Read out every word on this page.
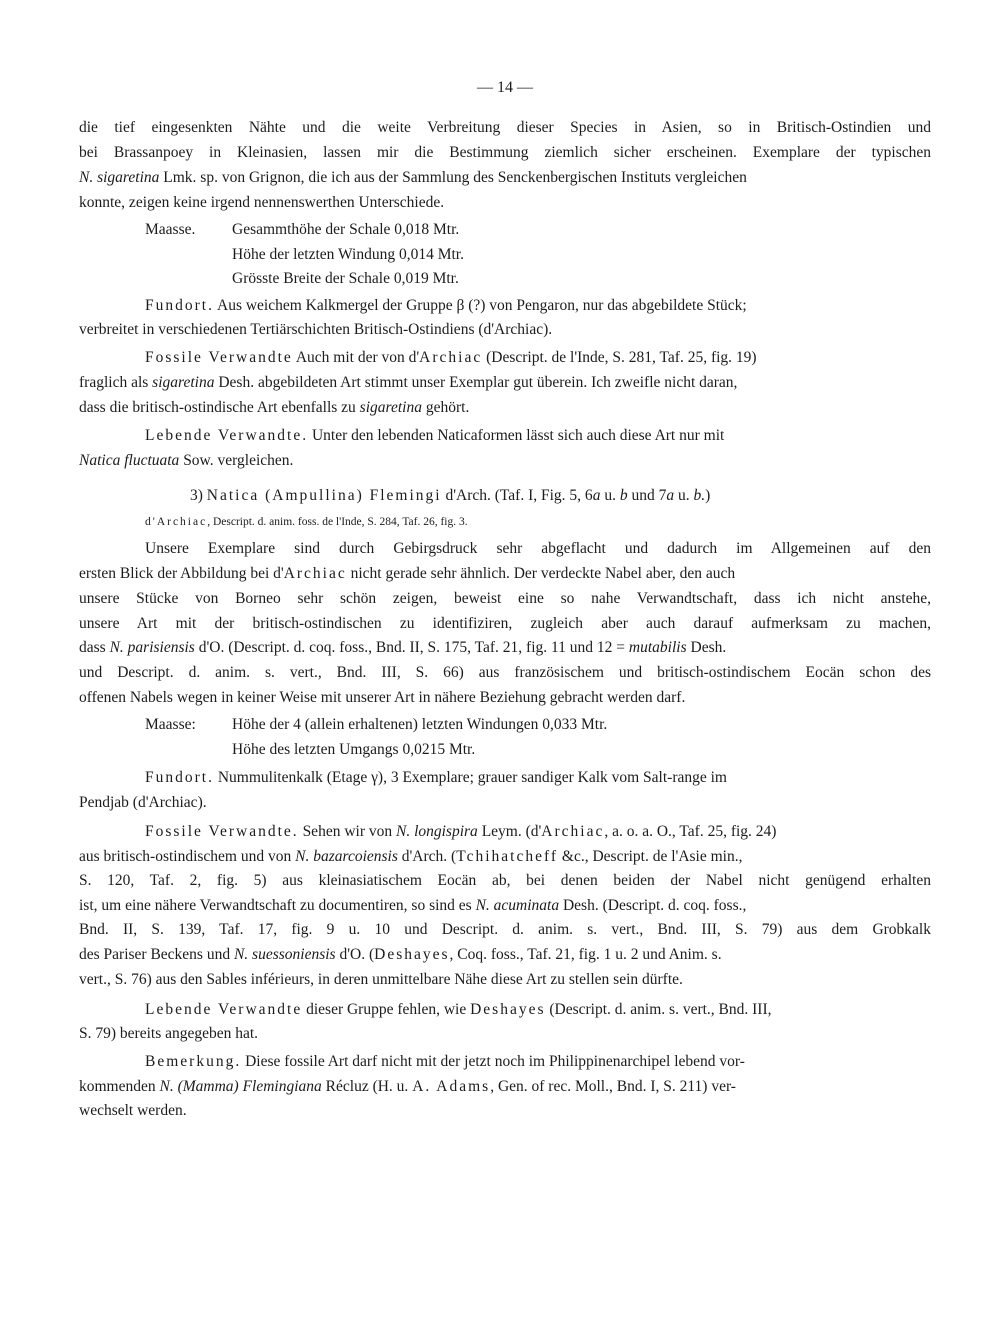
— 14 —
die tief eingesenkten Nähte und die weite Verbreitung dieser Species in Asien, so in Britisch-Ostindien und
bei Brassanpoey in Kleinasien, lassen mir die Bestimmung ziemlich sicher erscheinen. Exemplare der typischen
N. sigaretina Lmk. sp. von Grignon, die ich aus der Sammlung des Senckenbergischen Instituts vergleichen
konnte, zeigen keine irgend nennenswerthen Unterschiede.
Maasse. Gesammthöhe der Schale 0,018 Mtr.
Höhe der letzten Windung 0,014 Mtr.
Grösste Breite der Schale 0,019 Mtr.
Fundort. Aus weichem Kalkmergel der Gruppe β (?) von Pengaron, nur das abgebildete Stück;
verbreitet in verschiedenen Tertiärschichten Britisch-Ostindiens (d'Archiac).
Fossile Verwandte Auch mit der von d'Archiac (Descript. de l'Inde, S. 281, Taf. 25, fig. 19)
fraglich als sigaretina Desh. abgebildeten Art stimmt unser Exemplar gut überein. Ich zweifle nicht daran,
dass die britisch-ostindische Art ebenfalls zu sigaretina gehört.
Lebende Verwandte. Unter den lebenden Naticaformen lässt sich auch diese Art nur mit
Natica fluctuata Sow. vergleichen.
3) Natica (Ampullina) Flemingi d'Arch. (Taf. I, Fig. 5, 6a u. b und 7a u. b.)
d'Archiac, Descript. d. anim. foss. de l'Inde, S. 284, Taf. 26, fig. 3.
Unsere Exemplare sind durch Gebirgsdruck sehr abgeflacht und dadurch im Allgemeinen auf den
ersten Blick der Abbildung bei d'Archiac nicht gerade sehr ähnlich. Der verdeckte Nabel aber, den auch
unsere Stücke von Borneo sehr schön zeigen, beweist eine so nahe Verwandtschaft, dass ich nicht anstehe,
unsere Art mit der britisch-ostindischen zu identifiziren, zugleich aber auch darauf aufmerksam zu machen,
dass N. parisiensis d'O. (Descript. d. coq. foss., Bnd. II, S. 175, Taf. 21, fig. 11 und 12 = mutabilis Desh.
und Descript. d. anim. s. vert., Bnd. III, S. 66) aus französischem und britisch-ostindischem Eocän schon des
offenen Nabels wegen in keiner Weise mit unserer Art in nähere Beziehung gebracht werden darf.
Maasse: Höhe der 4 (allein erhaltenen) letzten Windungen 0,033 Mtr.
Höhe des letzten Umgangs 0,0215 Mtr.
Fundort. Nummulitenkalk (Etage γ), 3 Exemplare; grauer sandiger Kalk vom Salt-range im
Pendjab (d'Archiac).
Fossile Verwandte. Sehen wir von N. longispira Leym. (d'Archiac, a. o. a. O., Taf. 25, fig. 24)
aus britisch-ostindischem und von N. bazarcoiensis d'Arch. (Tchihatcheff &c., Descript. de l'Asie min.,
S. 120, Taf. 2, fig. 5) aus kleinasiatischem Eocän ab, bei denen beiden der Nabel nicht genügend erhalten
ist, um eine nähere Verwandtschaft zu documentiren, so sind es N. acuminata Desh. (Descript. d. coq. foss.,
Bnd. II, S. 139, Taf. 17, fig. 9 u. 10 und Descript. d. anim. s. vert., Bnd. III, S. 79) aus dem Grobkalk
des Pariser Beckens und N. suessoniensis d'O. (Deshayes, Coq. foss., Taf. 21, fig. 1 u. 2 und Anim. s.
vert., S. 76) aus den Sables inférieurs, in deren unmittelbare Nähe diese Art zu stellen sein dürfte.
Lebende Verwandte dieser Gruppe fehlen, wie Deshayes (Descript. d. anim. s. vert., Bnd. III,
S. 79) bereits angegeben hat.
Bemerkung. Diese fossile Art darf nicht mit der jetzt noch im Philippinenarchipel lebend vor-
kommenden N. (Mamma) Flemingiana Récluz (H. u. A. Adams, Gen. of rec. Moll., Bnd. I, S. 211) ver-
wechselt werden.
